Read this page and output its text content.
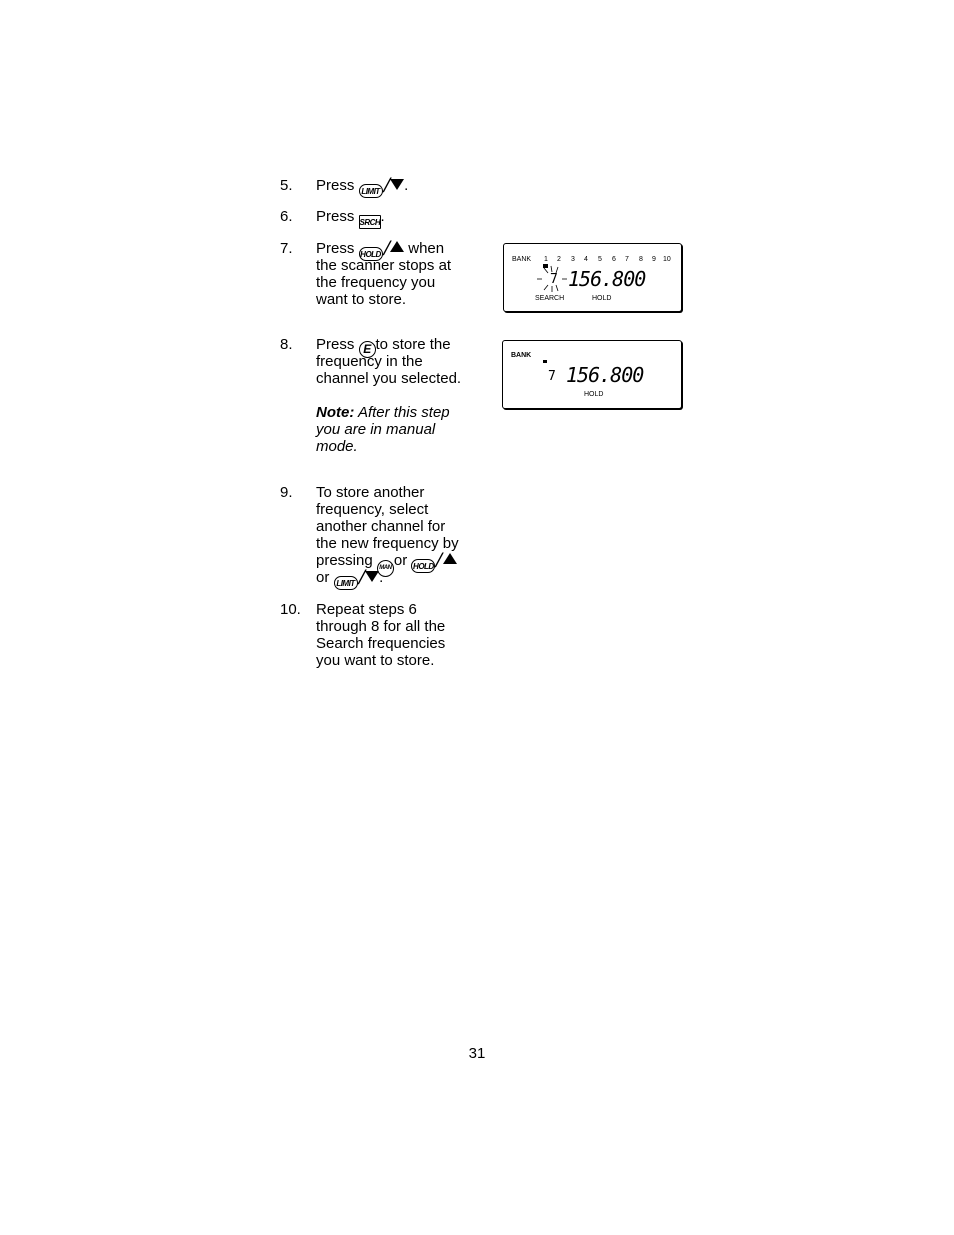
5. Press LIMIT/ .
6. Press SRCH.
7. Press HOLD/ when
the scanner stops at
the frequency you
want to store.
8. Press E to store the
frequency in the
channel you selected.
Note: After this step
you are in manual
mode.
9. To store another
frequency, select
another channel for
the new frequency by
pressing MAN or HOLD/
or LIMIT/ .
10. Repeat steps 6
through 8 for all the
Search frequencies
you want to store.
BANK 1 2 3 4 5 6 7 8 9 10
7 156.800
SEARCH	HOLD
BANK
7 156.800
HOLD
31
